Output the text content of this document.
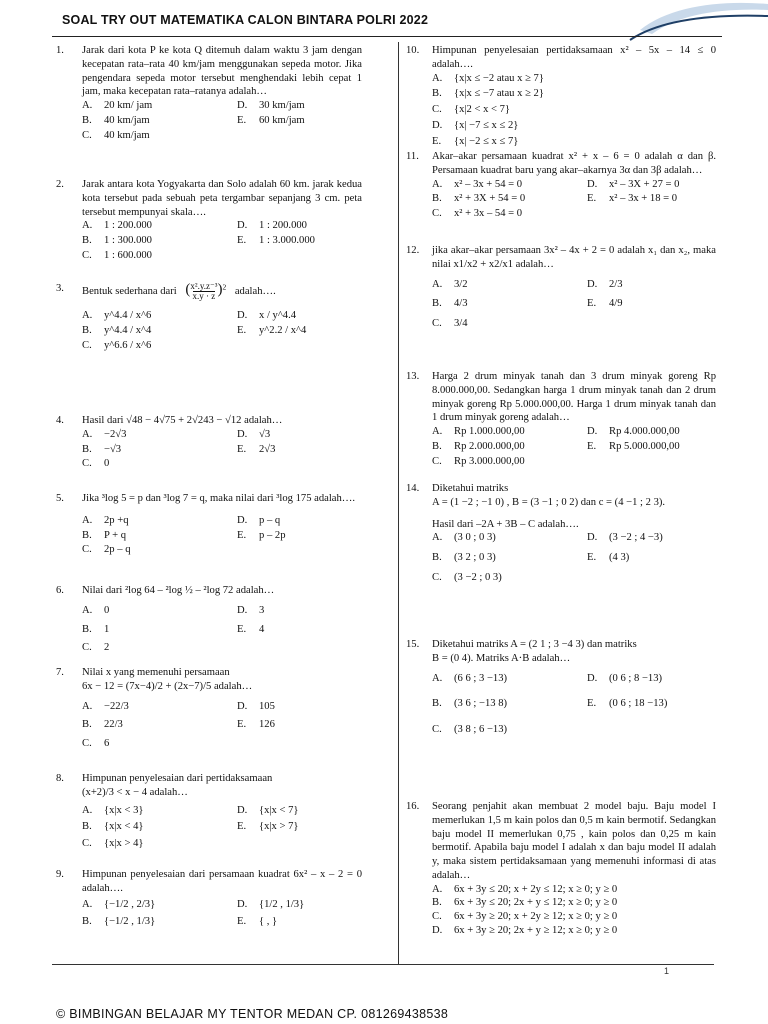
SOAL TRY OUT MATEMATIKA CALON BINTARA POLRI 2022
1. Jarak dari kota P ke kota Q ditemuh dalam waktu 3 jam dengan kecepatan rata–rata 40 km/jam menggunakan sepeda motor. Jika pengendara sepeda motor tersebut menghendaki lebih cepat 1 jam, maka kecepatan rata–ratanya adalah…
A.	20 km/ jam	D.	30 km/jam
B.	40 km/jam	E.	60 km/jam
C.	40 km/jam
2. Jarak antara kota Yogyakarta dan Solo adalah 60 km. jarak kedua kota tersebut pada sebuah peta tergambar sepanjang 3 cm. peta tersebut mempunyai skala….
A.	1 : 200.000	D.	1 : 200.000
B.	1 : 300.000	E.	1 : 3.000.000
C.	1 : 600.000
3. Bentuk sederhana dari $(\frac{\text{x².y.z⁻³}}{x.y \cdot z})^2$ adalah….
A.	y^4.4 / x^6	D.	x / y^4.4
B.	y^4.4 / x^4	E.	y^2.2 / x^4
C.	y^6.6 / x^6
4. Hasil dari √48 − 4√75 + 2√243 − √12 adalah…
A.	−2√3	D.	√3
B.	−√3	E.	2√3
C.	0
5. Jika ³log 5 = p dan ³log 7 = q, maka nilai dari ³log 175 adalah….
A.	2p +q	D.	p – q
B.	P + q	E.	p – 2p
C.	2p – q
6. Nilai dari ²log 64 – ²log ½ – ²log 72 adalah…
A.	0	D.	3
B.	1	E.	4
C.	2
7. Nilai x yang memenuhi persamaan
6x − 12 = (7x−4)/2 + (2x−7)/5 adalah…
A.	−22/3	D.	105
B.	22/3	E.	126
C.	6
8. Himpunan penyelesaian dari pertidaksamaan
(x+2)/3 < x − 4 adalah…
A.	{x|x < 3}	D.	{x|x < 7}
B.	{x|x < 4}	E.	{x|x > 7}
C.	{x|x > 4}
9. Himpunan penyelesaian dari persamaan kuadrat 6x² – x – 2 = 0 adalah….
A.	{−1/2 , 2/3}	D.	{1/2 , 1/3}
B.	{−1/2 , 1/3}	E.	{ , }
10. Himpunan penyelesaian pertidaksamaan x² – 5x – 14 ≤ 0 adalah….
A.	{x|x ≤ −2 atau x ≥ 7}
B.	{x|x ≤ −7 atau x ≥ 2}
C.	{x|2 < x < 7}
D.	{x| −7 ≤ x ≤ 2}
E.	{x| −2 ≤ x ≤ 7}
11. Akar–akar persamaan kuadrat x² + x – 6 = 0 adalah α dan β. Persamaan kuadrat baru yang akar–akarnya 3α dan 3β adalah…
A.	x² – 3x + 54 = 0	D.	x² – 3X + 27 = 0
B.	x² + 3X + 54 = 0	E.	x² – 3x + 18 = 0
C.	x² + 3x – 54 = 0
12. jika akar–akar persamaan 3x² – 4x + 2 = 0 adalah x₁ dan x₂, maka nilai x1/x2 + x2/x1 adalah…
A.	3/2	D.	2/3
B.	4/3	E.	4/9
C.	3/4
13. Harga 2 drum minyak tanah dan 3 drum minyak goreng Rp 8.000.000,00. Sedangkan harga 1 drum minyak tanah dan 2 drum minyak goreng Rp 5.000.000,00. Harga 1 drum minyak tanah dan 1 drum minyak goreng adalah…
A.	Rp 1.000.000,00	D.	Rp 4.000.000,00
B.	Rp 2.000.000,00	E.	Rp 5.000.000,00
C.	Rp 3.000.000,00
14. Diketahui matriks
A = (1 −2 ; −1 0) , B = (3 −1 ; 0 2) dan c = (4 −1 ; 2 3).
Hasil dari –2A + 3B – C adalah….
A.	(3 0 ; 0 3)	D.	(3 −2 ; 4 −3)
B.	(3 2 ; 0 3)	E.	(4 3)
C.	(3 −2 ; 0 3)
15. Diketahui matriks A = (2 1 ; 3 −4 3) dan matriks
B = (0 4). Matriks A⋅B adalah…
A.	(6 6 ; 3 −13)	D.	(0 6 ; 8 −13)
B.	(3 6 ; −13 8)	E.	(0 6 ; 18 −13)
C.	(3 8 ; 6 −13)
16. Seorang penjahit akan membuat 2 model baju. Baju model I memerlukan 1,5 m kain polos dan 0,5 m kain bermotif. Sedangkan baju model II memerlukan 0,75 , kain polos dan 0,25 m kain bermotif. Apabila baju model I adalah x dan baju model II adalah y, maka sistem pertidaksamaan yang memenuhi informasi di atas adalah…
A.	6x + 3y ≤ 20; x + 2y ≤ 12; x ≥ 0; y ≥ 0
B.	6x + 3y ≤ 20; 2x + y ≤ 12; x ≥ 0; y ≥ 0
C.	6x + 3y ≥ 20; x + 2y ≥ 12; x ≥ 0; y ≥ 0
D.	6x + 3y ≥ 20; 2x + y ≥ 12; x ≥ 0; y ≥ 0
1
© BIMBINGAN BELAJAR MY TENTOR MEDAN CP. 081269438538
